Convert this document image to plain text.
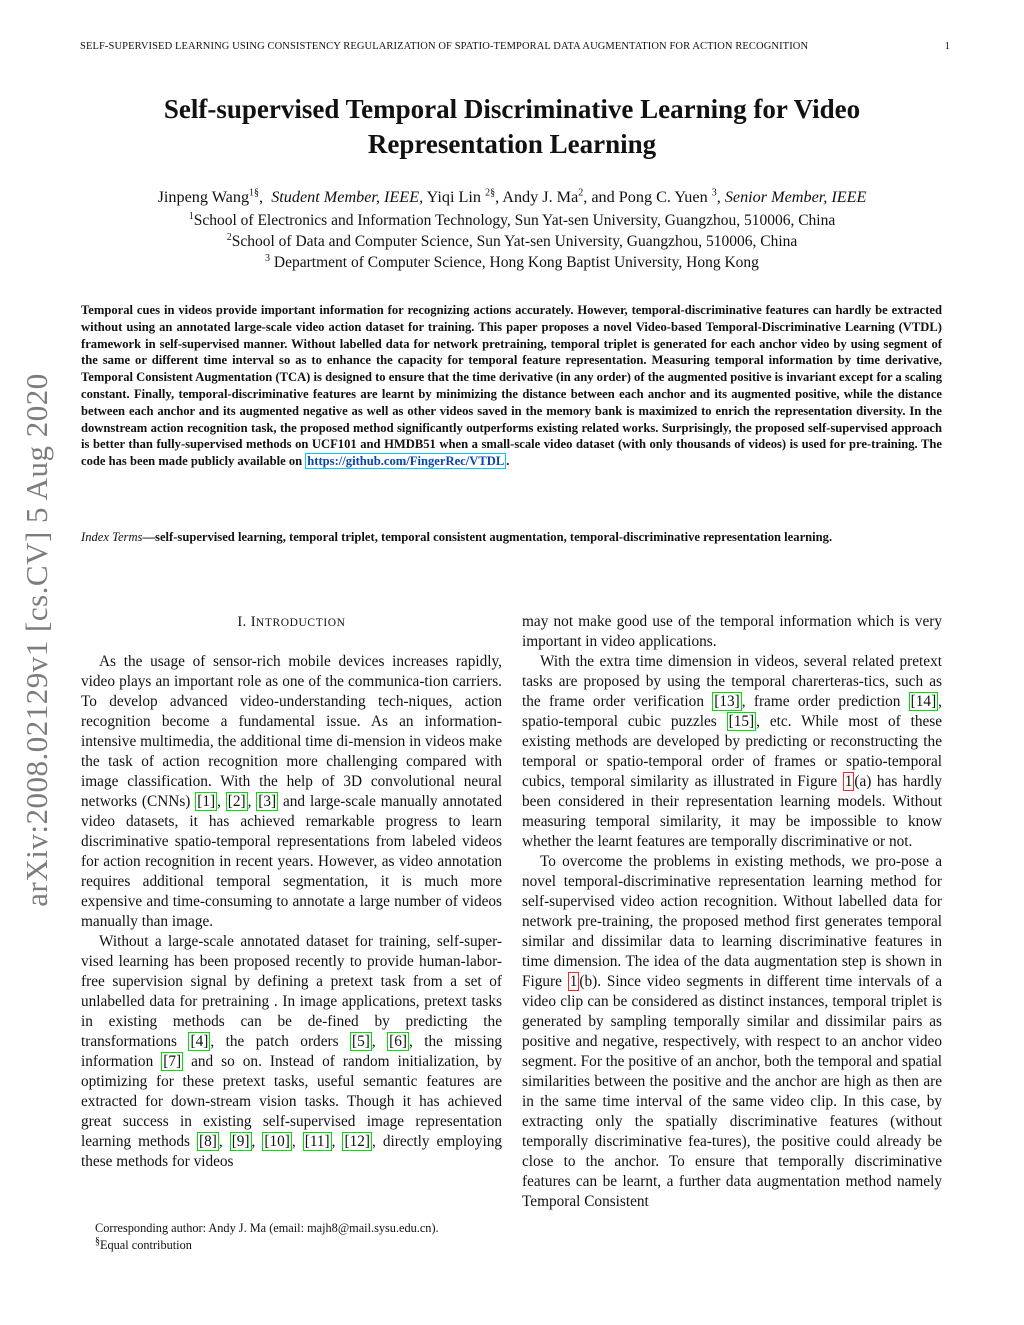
SELF-SUPERVISED LEARNING USING CONSISTENCY REGULARIZATION OF SPATIO-TEMPORAL DATA AUGMENTATION FOR ACTION RECOGNITION	1
arXiv:2008.02129v1 [cs.CV] 5 Aug 2020
Self-supervised Temporal Discriminative Learning for Video
Representation Learning
Jinpeng Wang$^{1\S}$,  Student Member, IEEE, Yiqi Lin $^{2\S}$, Andy J. Ma$^2$, and Pong C. Yuen $^3$, Senior Member, IEEE
$^1$School of Electronics and Information Technology, Sun Yat-sen University, Guangzhou, 510006, China
$^2$School of Data and Computer Science, Sun Yat-sen University, Guangzhou, 510006, China
$^3$ Department of Computer Science, Hong Kong Baptist University, Hong Kong
Temporal cues in videos provide important information for recognizing actions accurately. However, temporal-discriminative features can hardly be extracted without using an annotated large-scale video action dataset for training. This paper proposes a novel Video-based Temporal-Discriminative Learning (VTDL) framework in self-supervised manner. Without labelled data for network pretraining, temporal triplet is generated for each anchor video by using segment of the same or different time interval so as to enhance the capacity for temporal feature representation. Measuring temporal information by time derivative, Temporal Consistent Augmentation (TCA) is designed to ensure that the time derivative (in any order) of the augmented positive is invariant except for a scaling constant. Finally, temporal-discriminative features are learnt by minimizing the distance between each anchor and its augmented positive, while the distance between each anchor and its augmented negative as well as other videos saved in the memory bank is maximized to enrich the representation diversity. In the downstream action recognition task, the proposed method significantly outperforms existing related works. Surprisingly, the proposed self-supervised approach is better than fully-supervised methods on UCF101 and HMDB51 when a small-scale video dataset (with only thousands of videos) is used for pre-training. The code has been made publicly available on https://github.com/FingerRec/VTDL .
Index Terms—self-supervised learning, temporal triplet, temporal consistent augmentation, temporal-discriminative representation learning.
I. INTRODUCTION

As the usage of sensor-rich mobile devices increases rapidly, video plays an important role as one of the communica-tion carriers. To develop advanced video-understanding tech-niques, action recognition become a fundamental issue. As an information-intensive multimedia, the additional time di-mension in videos make the task of action recognition more challenging compared with image classification. With the help of 3D convolutional neural networks (CNNs) [1] , [2] , [3] and large-scale manually annotated video datasets, it has achieved remarkable progress to learn discriminative spatio-temporal representations from labeled videos for action recognition in recent years. However, as video annotation requires additional temporal segmentation, it is much more expensive and time-consuming to annotate a large number of videos manually than image.

Without a large-scale annotated dataset for training, self-super-vised learning has been proposed recently to provide human-labor-free supervision signal by defining a pretext task from a set of unlabelled data for pretraining . In image applications, pretext tasks in existing methods can be de-fined by predicting the transformations [4] , the patch orders [5] , [6] , the missing information [7] and so on. Instead of random initialization, by optimizing for these pretext tasks, useful semantic features are extracted for down-stream vision tasks. Though it has achieved great success in existing self-supervised image representation learning methods [8] , [9] , [10] , [11] , [12] , directly employing these methods for videos

Corresponding author: Andy J. Ma (email: majh8@mail.sysu.edu.cn).
§Equal contribution

may not make good use of the temporal information which is very important in video applications.

With the extra time dimension in videos, several related pretext tasks are proposed by using the temporal charerteras-tics, such as the frame order verification [13] , frame order prediction [14] , spatio-temporal cubic puzzles [15] , etc. While most of these existing methods are developed by predicting or reconstructing the temporal or spatio-temporal order of frames or spatio-temporal cubics, temporal similarity as illustrated in Figure 1 (a) has hardly been considered in their representation learning models. Without measuring temporal similarity, it may be impossible to know whether the learnt features are temporally discriminative or not.

To overcome the problems in existing methods, we pro-pose a novel temporal-discriminative representation learning method for self-supervised video action recognition. Without labelled data for network pre-training, the proposed method first generates temporal similar and dissimilar data to learning discriminative features in time dimension. The idea of the data augmentation step is shown in Figure 1 (b). Since video segments in different time intervals of a video clip can be considered as distinct instances, temporal triplet is generated by sampling temporally similar and dissimilar pairs as positive and negative, respectively, with respect to an anchor video segment. For the positive of an anchor, both the temporal and spatial similarities between the positive and the anchor are high as then are in the same time interval of the same video clip. In this case, by extracting only the spatially discriminative features (without temporally discriminative fea-tures), the positive could already be close to the anchor. To ensure that temporally discriminative features can be learnt, a further data augmentation method namely Temporal Consistent
